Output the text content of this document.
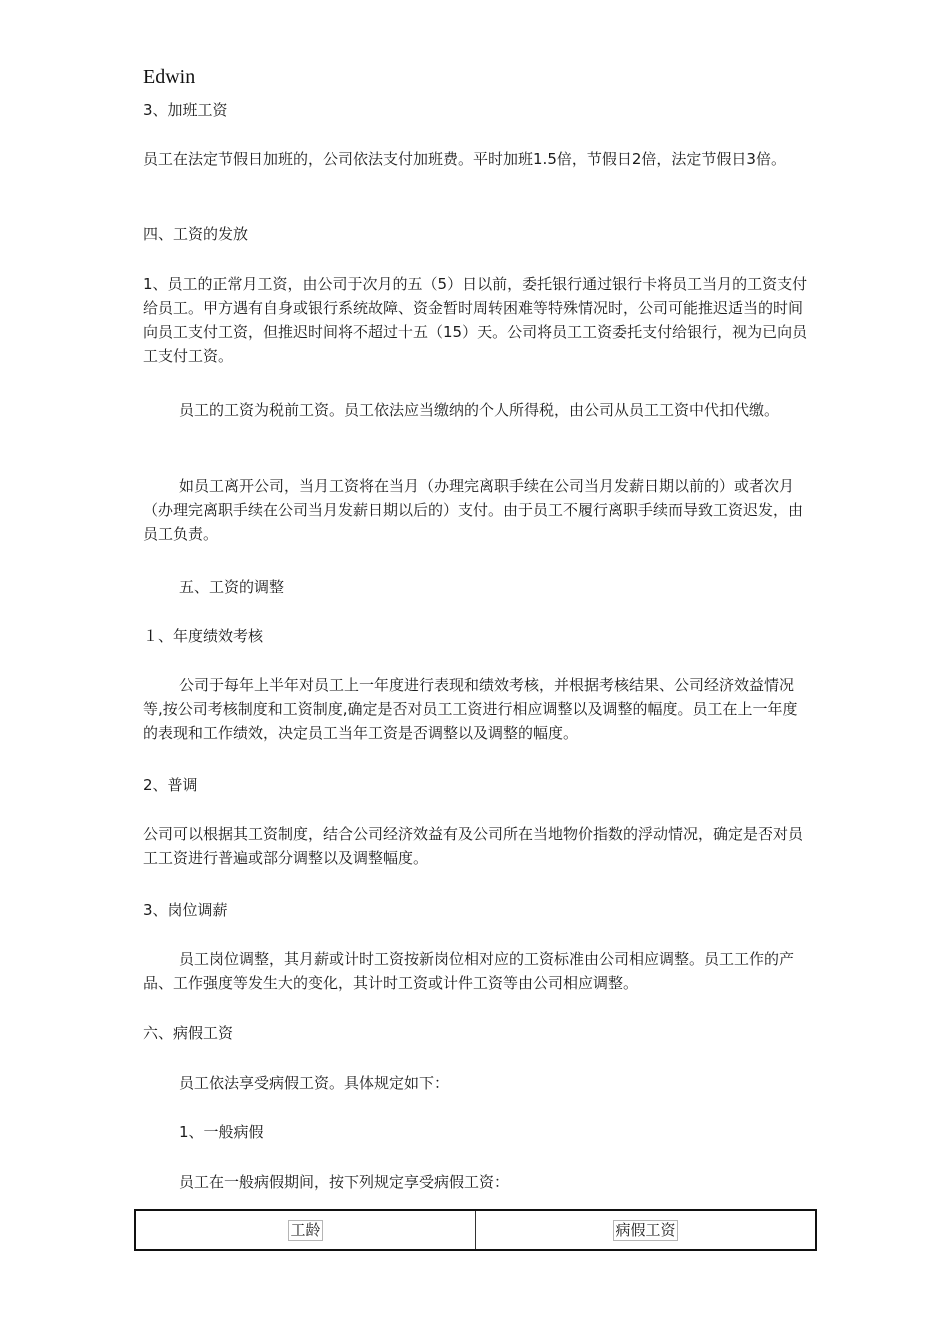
Edwin

3、加班工资

员工在法定节假日加班的，公司依法支付加班费。平时加班1.5倍，节假日2倍，法定节假日3倍。

四、工资的发放

1、员工的正常月工资，由公司于次月的五（5）日以前，委托银行通过银行卡将员工当月的工资支付给员工。甲方遇有自身或银行系统故障、资金暂时周转困难等特殊情况时，公司可能推迟适当的时间向员工支付工资，但推迟时间将不超过十五（15）天。公司将员工工资委托支付给银行，视为已向员工支付工资。

员工的工资为税前工资。员工依法应当缴纳的个人所得税，由公司从员工工资中代扣代缴。

如员工离开公司，当月工资将在当月（办理完离职手续在公司当月发薪日期以前的）或者次月（办理完离职手续在公司当月发薪日期以后的）支付。由于员工不履行离职手续而导致工资迟发，由员工负责。

五、工资的调整

１、年度绩效考核

公司于每年上半年对员工上一年度进行表现和绩效考核，并根据考核结果、公司经济效益情况等,按公司考核制度和工资制度,确定是否对员工工资进行相应调整以及调整的幅度。员工在上一年度的表现和工作绩效，决定员工当年工资是否调整以及调整的幅度。

2、普调

公司可以根据其工资制度，结合公司经济效益有及公司所在当地物价指数的浮动情况，确定是否对员工工资进行普遍或部分调整以及调整幅度。

3、岗位调薪

员工岗位调整，其月薪或计时工资按新岗位相对应的工资标准由公司相应调整。员工工作的产品、工作强度等发生大的变化，其计时工资或计件工资等由公司相应调整。

六、病假工资

员工依法享受病假工资。具体规定如下：

1、一般病假

员工在一般病假期间，按下列规定享受病假工资：

工龄	病假工资
